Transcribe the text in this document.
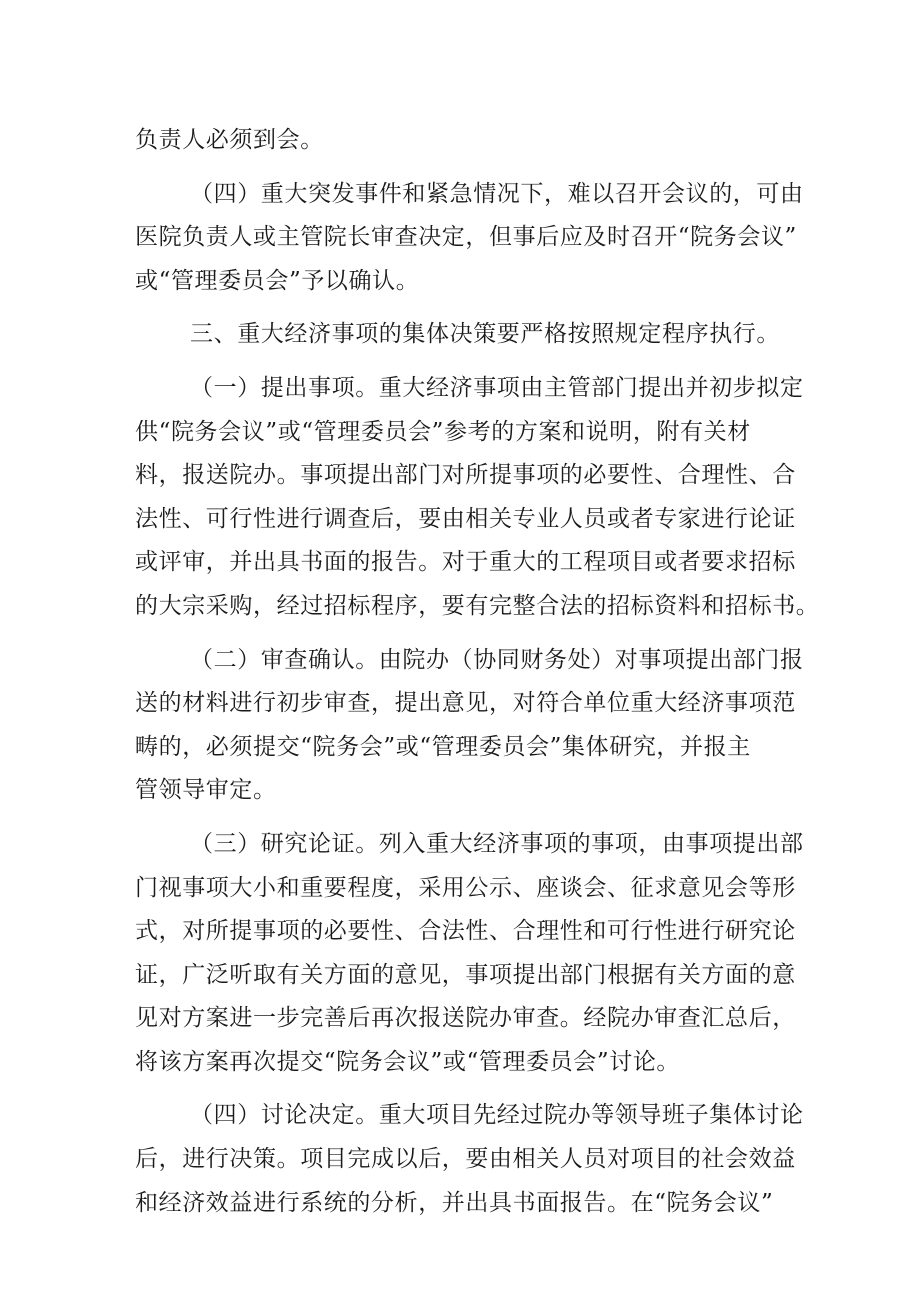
负责人必须到会。
（四）重大突发事件和紧急情况下，难以召开会议的，可由
医院负责人或主管院长审查决定，但事后应及时召开“院务会议”
或“管理委员会”予以确认。
三、重大经济事项的集体决策要严格按照规定程序执行。
（一）提出事项。重大经济事项由主管部门提出并初步拟定
供“院务会议”或“管理委员会”参考的方案和说明，附有关材
料，报送院办。事项提出部门对所提事项的必要性、合理性、合
法性、可行性进行调查后，要由相关专业人员或者专家进行论证
或评审，并出具书面的报告。对于重大的工程项目或者要求招标
的大宗采购，经过招标程序，要有完整合法的招标资料和招标书。
（二）审查确认。由院办（协同财务处）对事项提出部门报
送的材料进行初步审查，提出意见，对符合单位重大经济事项范
畴的，必须提交“院务会”或“管理委员会”集体研究，并报主
管领导审定。
（三）研究论证。列入重大经济事项的事项，由事项提出部
门视事项大小和重要程度，采用公示、座谈会、征求意见会等形
式，对所提事项的必要性、合法性、合理性和可行性进行研究论
证，广泛听取有关方面的意见，事项提出部门根据有关方面的意
见对方案进一步完善后再次报送院办审查。经院办审查汇总后，
将该方案再次提交“院务会议”或“管理委员会”讨论。
（四）讨论决定。重大项目先经过院办等领导班子集体讨论
后，进行决策。项目完成以后，要由相关人员对项目的社会效益
和经济效益进行系统的分析，并出具书面报告。在“院务会议”
